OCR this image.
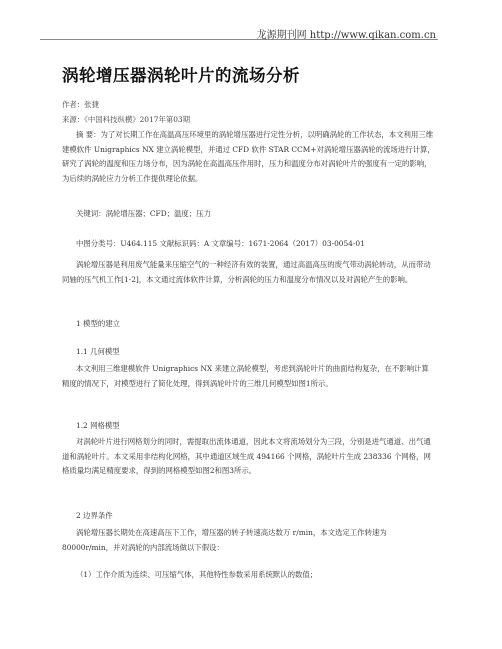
龙源期刊网 http://www.qikan.com.cn
涡轮增压器涡轮叶片的流场分析
作者：张捷
来源：《中国科技纵横》2017年第03期
摘 要：为了对长期工作在高温高压环境里的涡轮增压器进行定性分析，以明确涡轮的工作状态，本文利用三维建模软件 Unigraphics NX 建立涡轮模型，并通过 CFD 软件 STAR CCM+对涡轮增压器涡轮的流场进行计算，研究了涡轮的温度和压力场分布，因为涡轮在高温高压作用时，压力和温度分布对涡轮叶片的强度有一定的影响，为后续的涡轮应力分析工作提供理论依据。
关键词：涡轮增压器；CFD；温度；压力
中图分类号：U464.115 文献标识码：A 文章编号：1671-2064（2017）03-0054-01
涡轮增压器是利用废气能量来压缩空气的一种经济有效的装置，通过高温高压的废气带动涡轮转动，从而带动同轴的压气机工作[1-2]，本文通过流体软件计算，分析涡轮的压力和温度分布情况以及对涡轮产生的影响。
1 模型的建立
1.1 几何模型
本文利用三维建模软件 Unigraphics NX 来建立涡轮模型，考虑到涡轮叶片的曲面结构复杂，在不影响计算精度的情况下，对模型进行了简化处理，得到涡轮叶片的三维几何模型如图1所示。
1.2 网格模型
对涡轮叶片进行网格划分的同时，需提取出流体通道，因此本文将流场划分为三段，分别是进气通道、出气通道和涡轮叶片。本文采用非结构化网格，其中通道区域生成 494166 个网格，涡轮叶片生成 238336 个网格，网格质量均满足精度要求，得到的网格模型如图2和图3所示。
2 边界条件
涡轮增压器长期处在高速高压下工作，增压器的转子转速高达数万 r/min，本文选定工作转速为 80000r/min，并对涡轮的内部流场做以下假设：
（1）工作介质为连续、可压缩气体，其他特性参数采用系统默认的数值；
